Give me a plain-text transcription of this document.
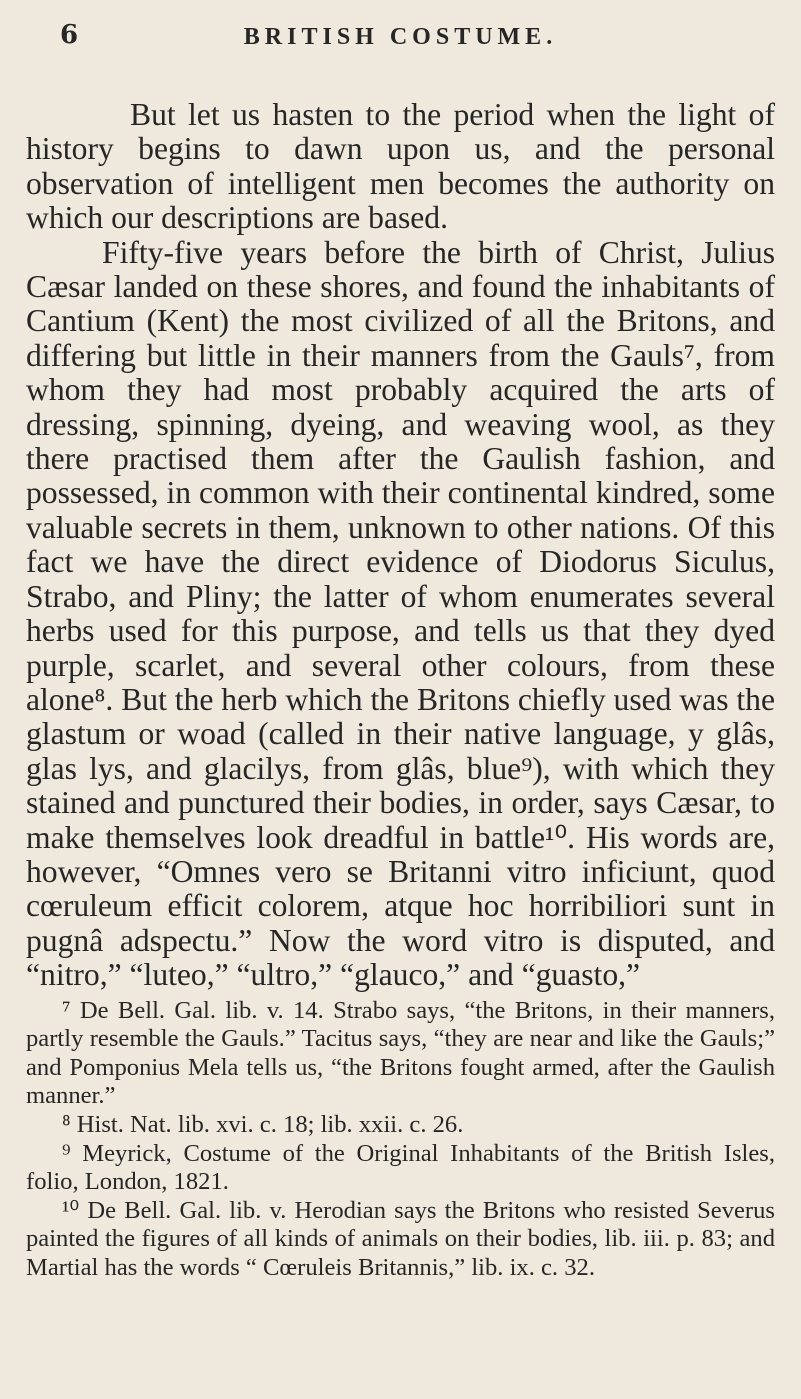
6	BRITISH COSTUME.

But let us hasten to the period when the light of history begins to dawn upon us, and the personal observation of intelligent men becomes the authority on which our descriptions are based.

Fifty-five years before the birth of Christ, Julius Cæsar landed on these shores, and found the inhabitants of Cantium (Kent) the most civilized of all the Britons, and differing but little in their manners from the Gauls⁷, from whom they had most probably acquired the arts of dressing, spinning, dyeing, and weaving wool, as they there practised them after the Gaulish fashion, and possessed, in common with their continental kindred, some valuable secrets in them, unknown to other nations. Of this fact we have the direct evidence of Diodorus Siculus, Strabo, and Pliny; the latter of whom enumerates several herbs used for this purpose, and tells us that they dyed purple, scarlet, and several other colours, from these alone⁸. But the herb which the Britons chiefly used was the glastum or woad (called in their native language, y glâs, glas lys, and glacilys, from glâs, blue⁹), with which they stained and punctured their bodies, in order, says Cæsar, to make themselves look dreadful in battle¹⁰. His words are, however, “Omnes vero se Britanni vitro inficiunt, quod cœruleum efficit colorem, atque hoc horribiliori sunt in pugnâ adspectu.” Now the word vitro is disputed, and “nitro,” “luteo,” “ultro,” “glauco,” and “guasto,”

⁷ De Bell. Gal. lib. v. 14. Strabo says, “the Britons, in their manners, partly resemble the Gauls.” Tacitus says, “they are near and like the Gauls;” and Pomponius Mela tells us, “the Britons fought armed, after the Gaulish manner.”

⁸ Hist. Nat. lib. xvi. c. 18; lib. xxii. c. 26.

⁹ Meyrick, Costume of the Original Inhabitants of the British Isles, folio, London, 1821.

¹⁰ De Bell. Gal. lib. v. Herodian says the Britons who resisted Severus painted the figures of all kinds of animals on their bodies, lib. iii. p. 83; and Martial has the words “ Cœruleis Britannis,” lib. ix. c. 32.
